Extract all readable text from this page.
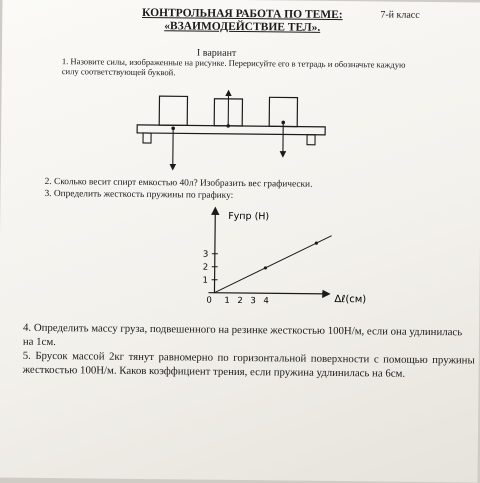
7-й класс
КОНТРОЛЬНАЯ РАБОТА ПО ТЕМЕ:
«ВЗАИМОДЕЙСТВИЕ ТЕЛ».
I вариант
1. Назовите силы, изображенные на рисунке. Перерисуйте его в тетрадь и обозначьте каждую силу соответствующей буквой.
2. Сколько весит спирт емкостью 40л? Изобразить вес графически.
3. Определить жесткость пружины по графику:
Fупр (Н)
Δℓ(см)
0 1 2 3 4
1
2
3
4. Определить массу груза, подвешенного на резинке жесткостью 100Н/м, если она удлинилась на 1см.
5. Брусок массой 2кг тянут равномерно по горизонтальной поверхности с помощью пружины жесткостью 100Н/м. Каков коэффициент трения, если пружина удлинилась на 6см.
